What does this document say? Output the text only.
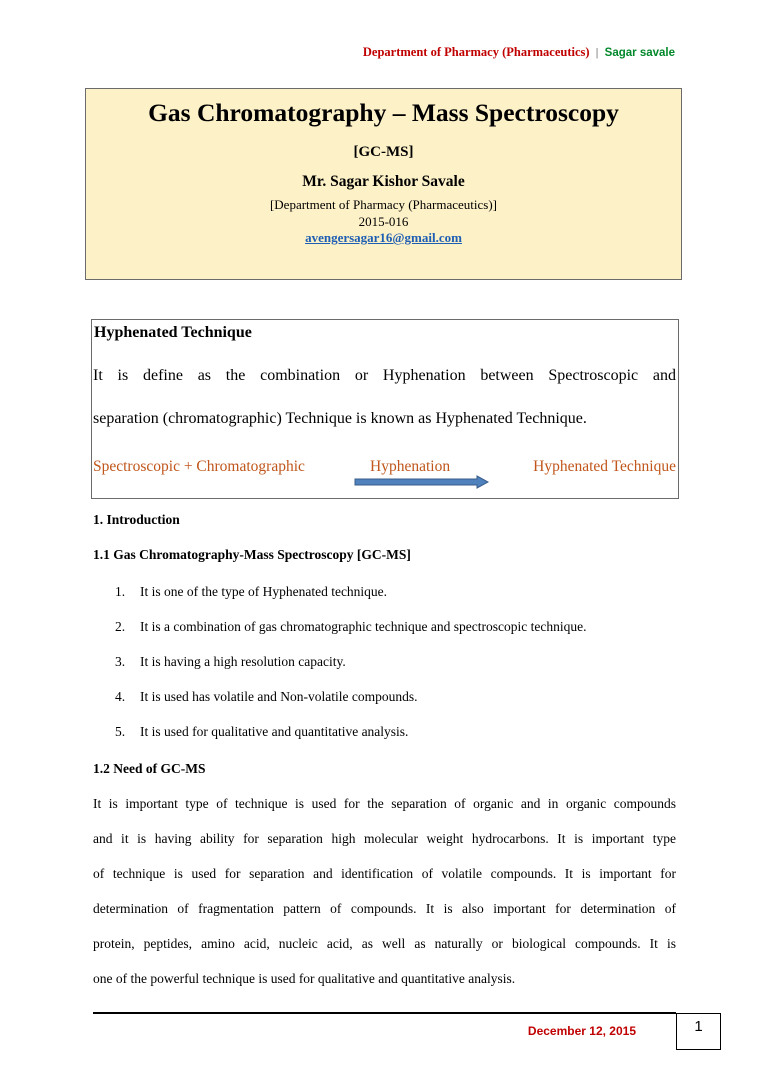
Department of Pharmacy (Pharmaceutics) | Sagar savale
Gas Chromatography – Mass Spectroscopy
[GC-MS]
Mr. Sagar Kishor Savale
[Department of Pharmacy (Pharmaceutics)]
2015-016
avengersagar16@gmail.com
Hyphenated Technique
It is define as the combination or Hyphenation between Spectroscopic and
separation (chromatographic) Technique is known as Hyphenated Technique.
Spectroscopic + Chromatographic	Hyphenation	Hyphenated Technique
1. Introduction
1.1 Gas Chromatography-Mass Spectroscopy [GC-MS]
1. It is one of the type of Hyphenated technique.
2. It is a combination of gas chromatographic technique and spectroscopic technique.
3. It is having a high resolution capacity.
4. It is used has volatile and Non-volatile compounds.
5. It is used for qualitative and quantitative analysis.
1.2 Need of GC-MS
It is important type of technique is used for the separation of organic and in organic compounds
and it is having ability for separation high molecular weight hydrocarbons. It is important type
of technique is used for separation and identification of volatile compounds. It is important for
determination of fragmentation pattern of compounds. It is also important for determination of
protein, peptides, amino acid, nucleic acid, as well as naturally or biological compounds. It is
one of the powerful technique is used for qualitative and quantitative analysis.
December 12, 2015	1
